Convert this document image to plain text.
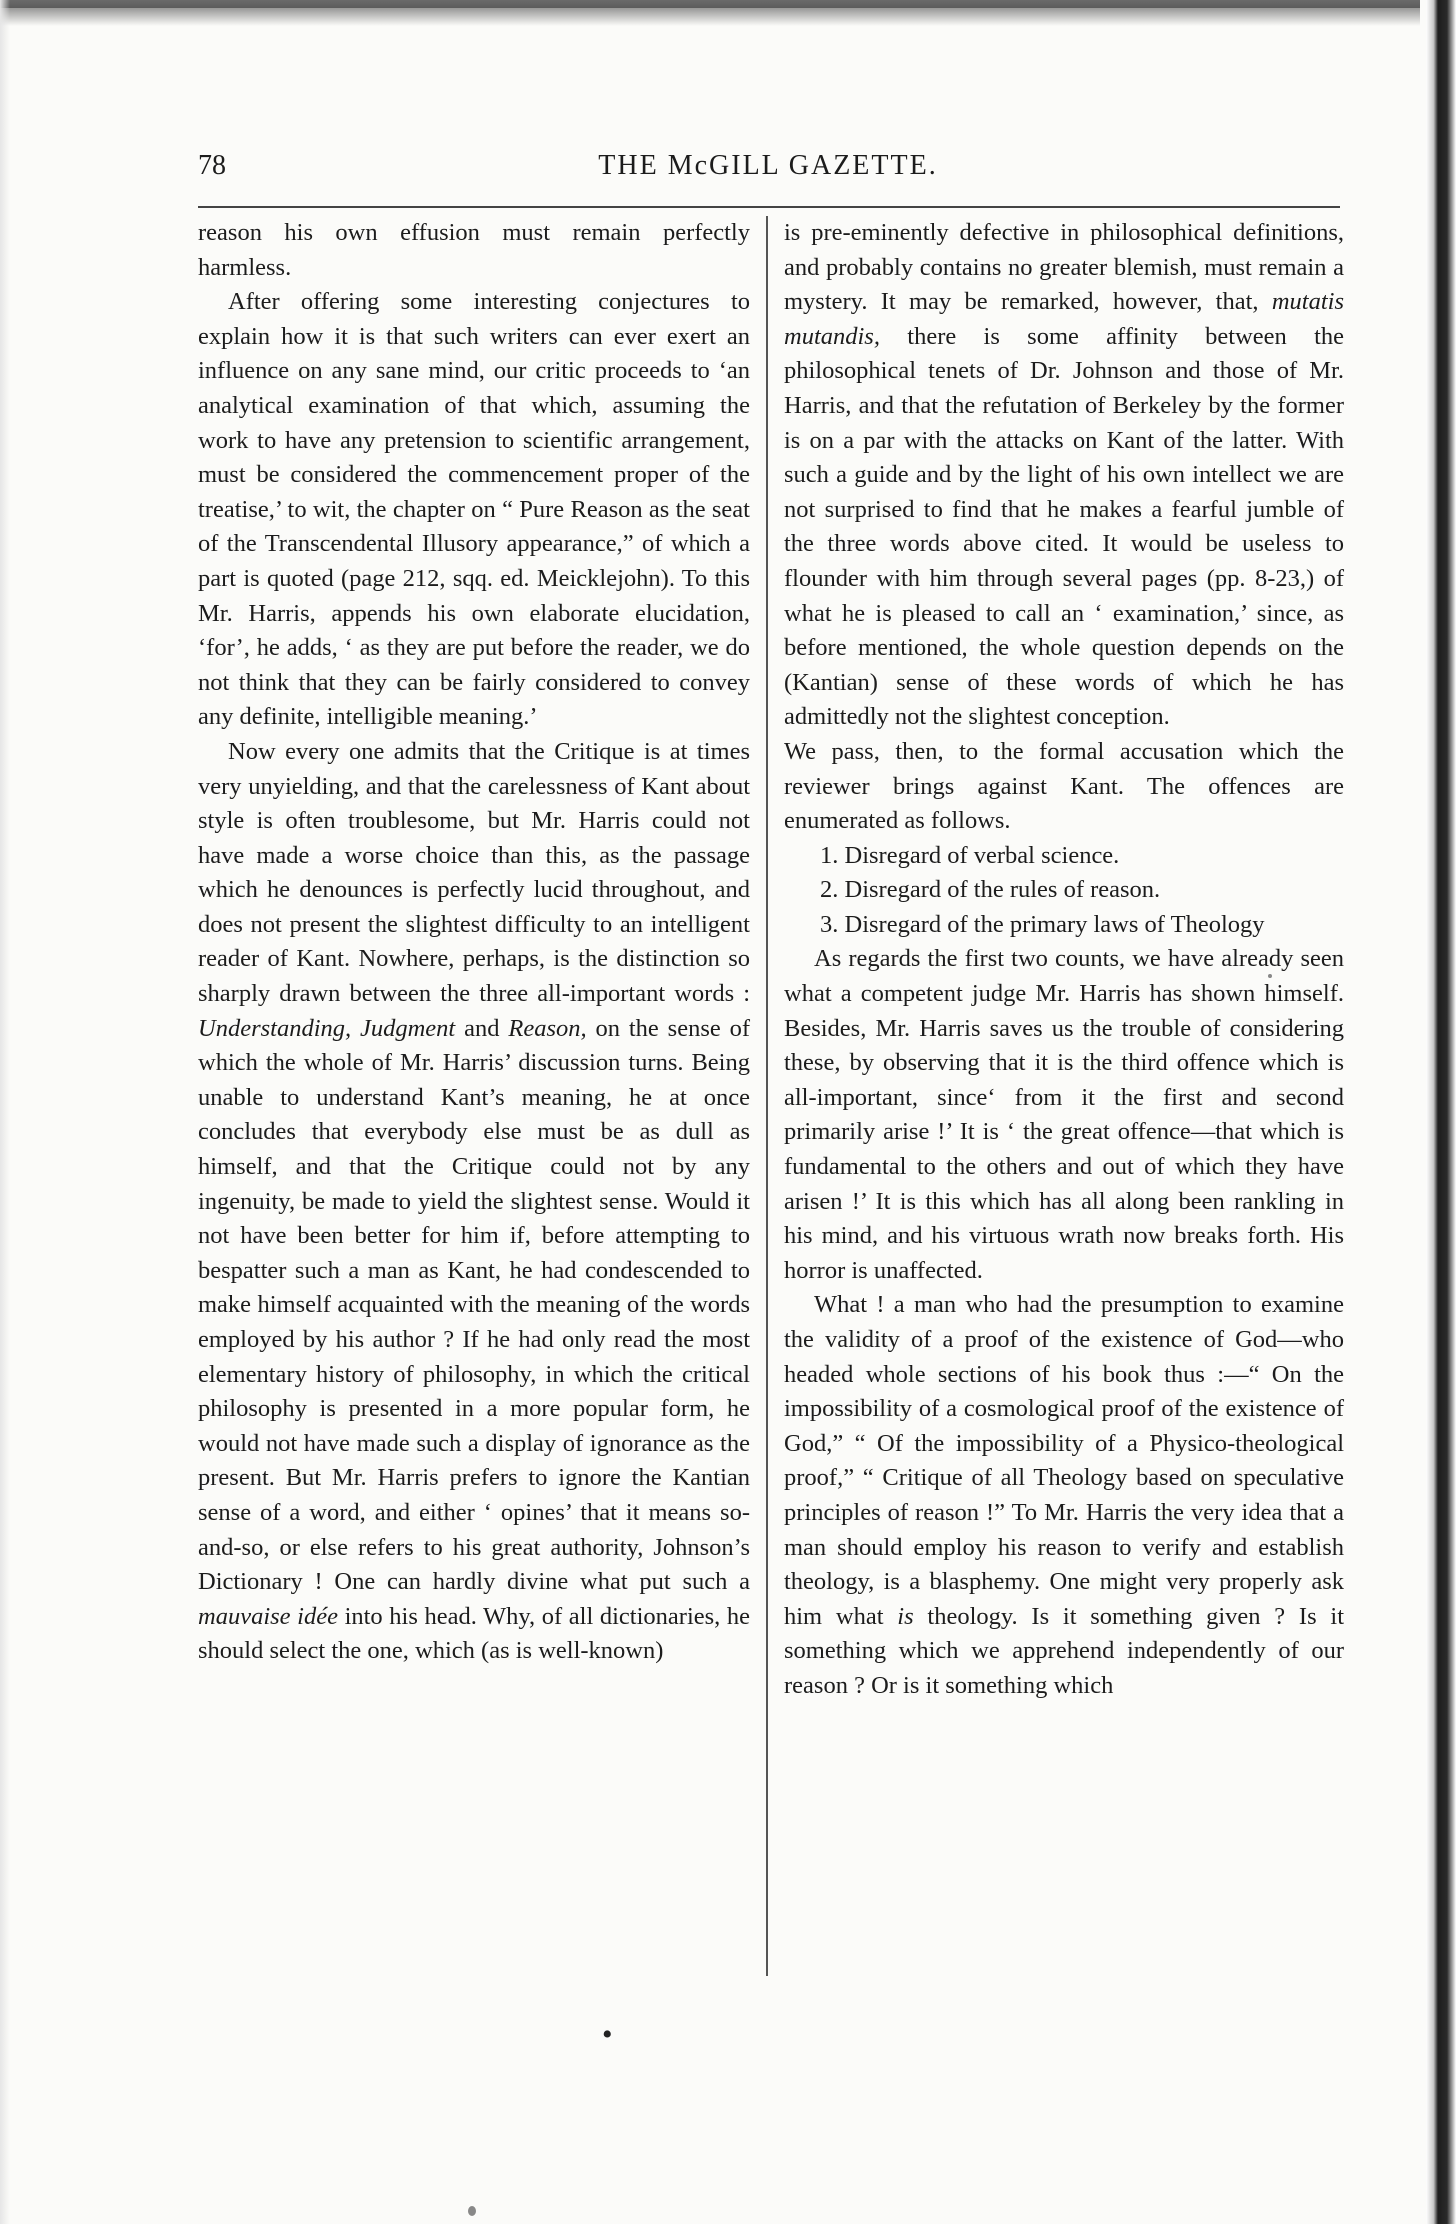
78	THE McGILL GAZETTE.

reason his own effusion must remain perfectly harmless.

After offering some interesting conjectures to explain how it is that such writers can ever exert an influence on any sane mind, our critic proceeds to ‘an analytical examination of that which, assuming the work to have any pretension to scientific arrangement, must be considered the commencement proper of the treatise,’ to wit, the chapter on “ Pure Reason as the seat of the Transcendental Illusory appearance,” of which a part is quoted (page 212, sqq. ed. Meicklejohn). To this Mr. Harris, appends his own elaborate elucidation, ‘for’, he adds, ‘ as they are put before the reader, we do not think that they can be fairly considered to convey any definite, intelligible meaning.’

Now every one admits that the Critique is at times very unyielding, and that the carelessness of Kant about style is often troublesome, but Mr. Harris could not have made a worse choice than this, as the passage which he denounces is perfectly lucid throughout, and does not present the slightest difficulty to an intelligent reader of Kant. Nowhere, perhaps, is the distinction so sharply drawn between the three all-important words : Understanding, Judgment and Reason, on the sense of which the whole of Mr. Harris’ discussion turns. Being unable to understand Kant’s meaning, he at once concludes that everybody else must be as dull as himself, and that the Critique could not by any ingenuity, be made to yield the slightest sense. Would it not have been better for him if, before attempting to bespatter such a man as Kant, he had condescended to make himself acquainted with the meaning of the words employed by his author ? If he had only read the most elementary history of philosophy, in which the critical philosophy is presented in a more popular form, he would not have made such a display of ignorance as the present. But Mr. Harris prefers to ignore the Kantian sense of a word, and either ‘ opines’ that it means so-and-so, or else refers to his great authority, Johnson’s Dictionary ! One can hardly divine what put such a mauvaise idée into his head. Why, of all dictionaries, he should select the one, which (as is well-known)

is pre-eminently defective in philosophical definitions, and probably contains no greater blemish, must remain a mystery. It may be remarked, however, that, mutatis mutandis, there is some affinity between the philosophical tenets of Dr. Johnson and those of Mr. Harris, and that the refutation of Berkeley by the former is on a par with the attacks on Kant of the latter. With such a guide and by the light of his own intellect we are not surprised to find that he makes a fearful jumble of the three words above cited. It would be useless to flounder with him through several pages (pp. 8-23,) of what he is pleased to call an ‘ examination,’ since, as before mentioned, the whole question depends on the (Kantian) sense of these words of which he has admittedly not the slightest conception.

We pass, then, to the formal accusation which the reviewer brings against Kant. The offences are enumerated as follows.

1. Disregard of verbal science.

2. Disregard of the rules of reason.

3. Disregard of the primary laws of Theology

As regards the first two counts, we have already seen what a competent judge Mr. Harris has shown himself. Besides, Mr. Harris saves us the trouble of considering these, by observing that it is the third offence which is all-important, since‘ from it the first and second primarily arise !’ It is ‘ the great offence—that which is fundamental to the others and out of which they have arisen !’ It is this which has all along been rankling in his mind, and his virtuous wrath now breaks forth. His horror is unaffected.

What ! a man who had the presumption to examine the validity of a proof of the existence of God—who headed whole sections of his book thus :—“ On the impossibility of a cosmological proof of the existence of God,” “ Of the impossibility of a Physico-theological proof,” “ Critique of all Theology based on speculative principles of reason !” To Mr. Harris the very idea that a man should employ his reason to verify and establish theology, is a blasphemy. One might very properly ask him what is theology. Is it something given ? Is it something which we apprehend independently of our reason ? Or is it something which

•
